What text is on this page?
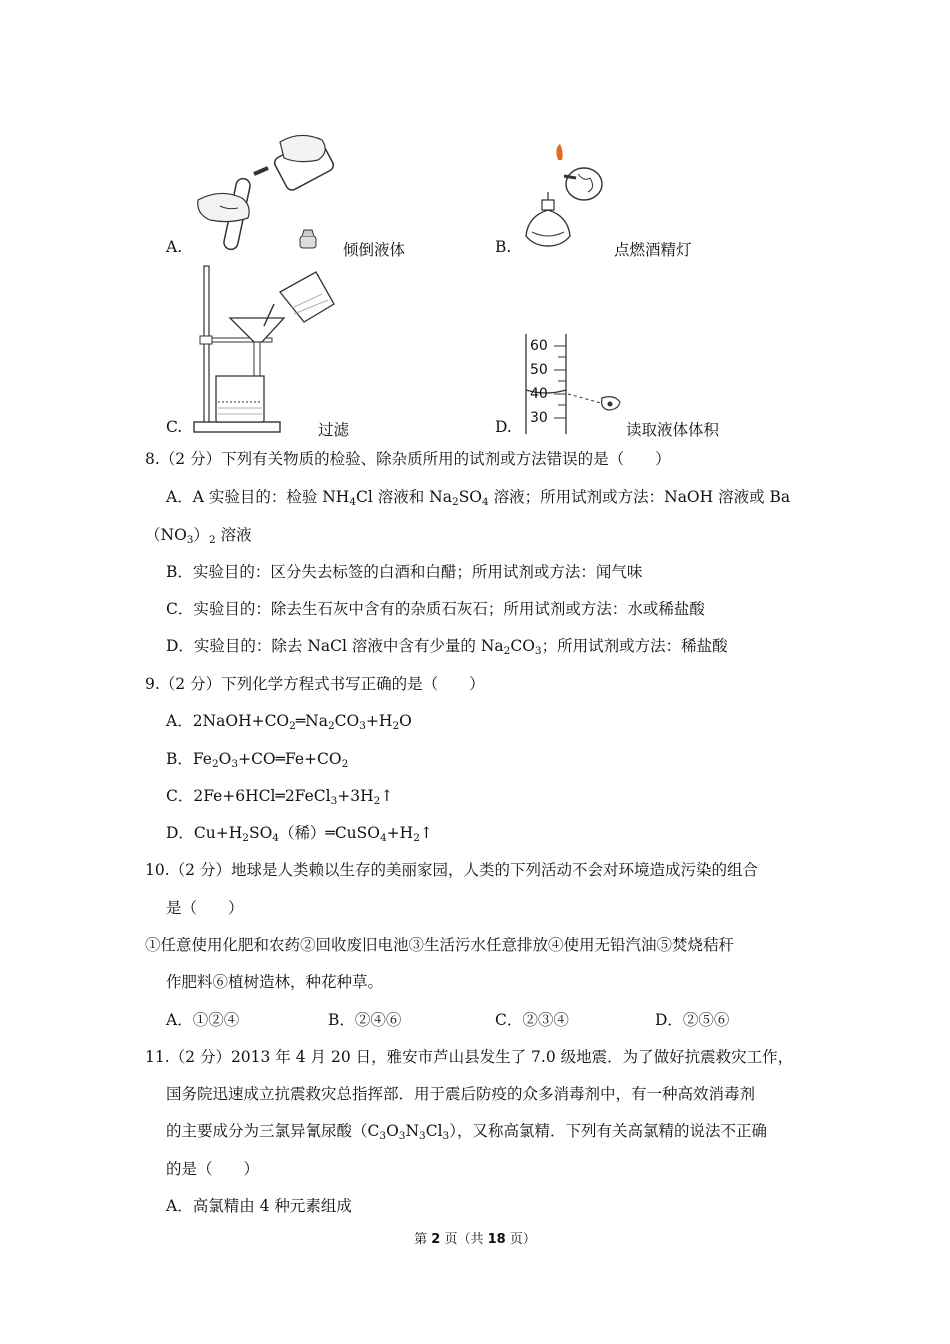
A.	倾倒液体	B.	点燃酒精灯
C.	过滤
60
50
40
30
D.	读取液体体积
8.（2 分）下列有关物质的检验、除杂质所用的试剂或方法错误的是（　　）
A．A 实验目的：检验 $NH_4Cl$ 溶液和 $Na_2SO_4$ 溶液；所用试剂或方法：NaOH 溶液或 Ba
$(NO_3)_2$ 溶液
B．实验目的：区分失去标签的白酒和白醋；所用试剂或方法：闻气味
C．实验目的：除去生石灰中含有的杂质石灰石；所用试剂或方法：水或稀盐酸
D．实验目的：除去 NaCl 溶液中含有少量的 $Na_2CO_3$；所用试剂或方法：稀盐酸
9.（2 分）下列化学方程式书写正确的是（　　）
A．$2NaOH+CO_2═Na_2CO_3+H_2O$
B．$Fe_2O_3+CO═Fe+CO_2$
C．$2Fe+6HCl═2FeCl_3+3H_2↑$
D．$Cu+H_2SO_4$（稀）$═CuSO_4+H_2↑$
10.（2 分）地球是人类赖以生存的美丽家园，人类的下列活动不会对环境造成污染的组合
是（　　）
①任意使用化肥和农药②回收废旧电池③生活污水任意排放④使用无铅汽油⑤焚烧秸秆
作肥料⑥植树造林，种花种草。
A．①②④	B．②④⑥	C．②③④	D．②⑤⑥
11.（2 分）2013 年 4 月 20 日，雅安市芦山县发生了 7.0 级地震．为了做好抗震救灾工作，
国务院迅速成立抗震救灾总指挥部．用于震后防疫的众多消毒剂中，有一种高效消毒剂
的主要成分为三氯异氰尿酸$(C_3O_3N_3Cl_3)$，又称高氯精．下列有关高氯精的说法不正确
的是（　　）
A．高氯精由 4 种元素组成
第 2 页（共 18 页）
